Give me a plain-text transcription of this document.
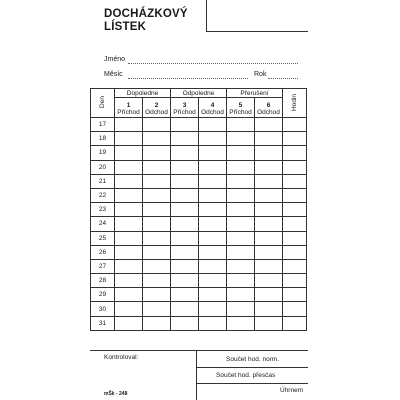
DOCHÁZKOVÝ
LÍSTEK
Jméno
Měsíc	Rok
Den	Dopoledne		Odpoledne		Přerušení		Hodin
	1	2	3	4	5	6	
	Příchod	Odchod	Příchod	Odchod	Příchod	Odchod	
17							
18							
19							
20							
21							
22							
23							
24							
25							
26							
27							
28							
29							
30							
31							
Kontroloval:	Součet hod. norm.
Součet hod. přesčas
Úhrnem
mŠk - 248
